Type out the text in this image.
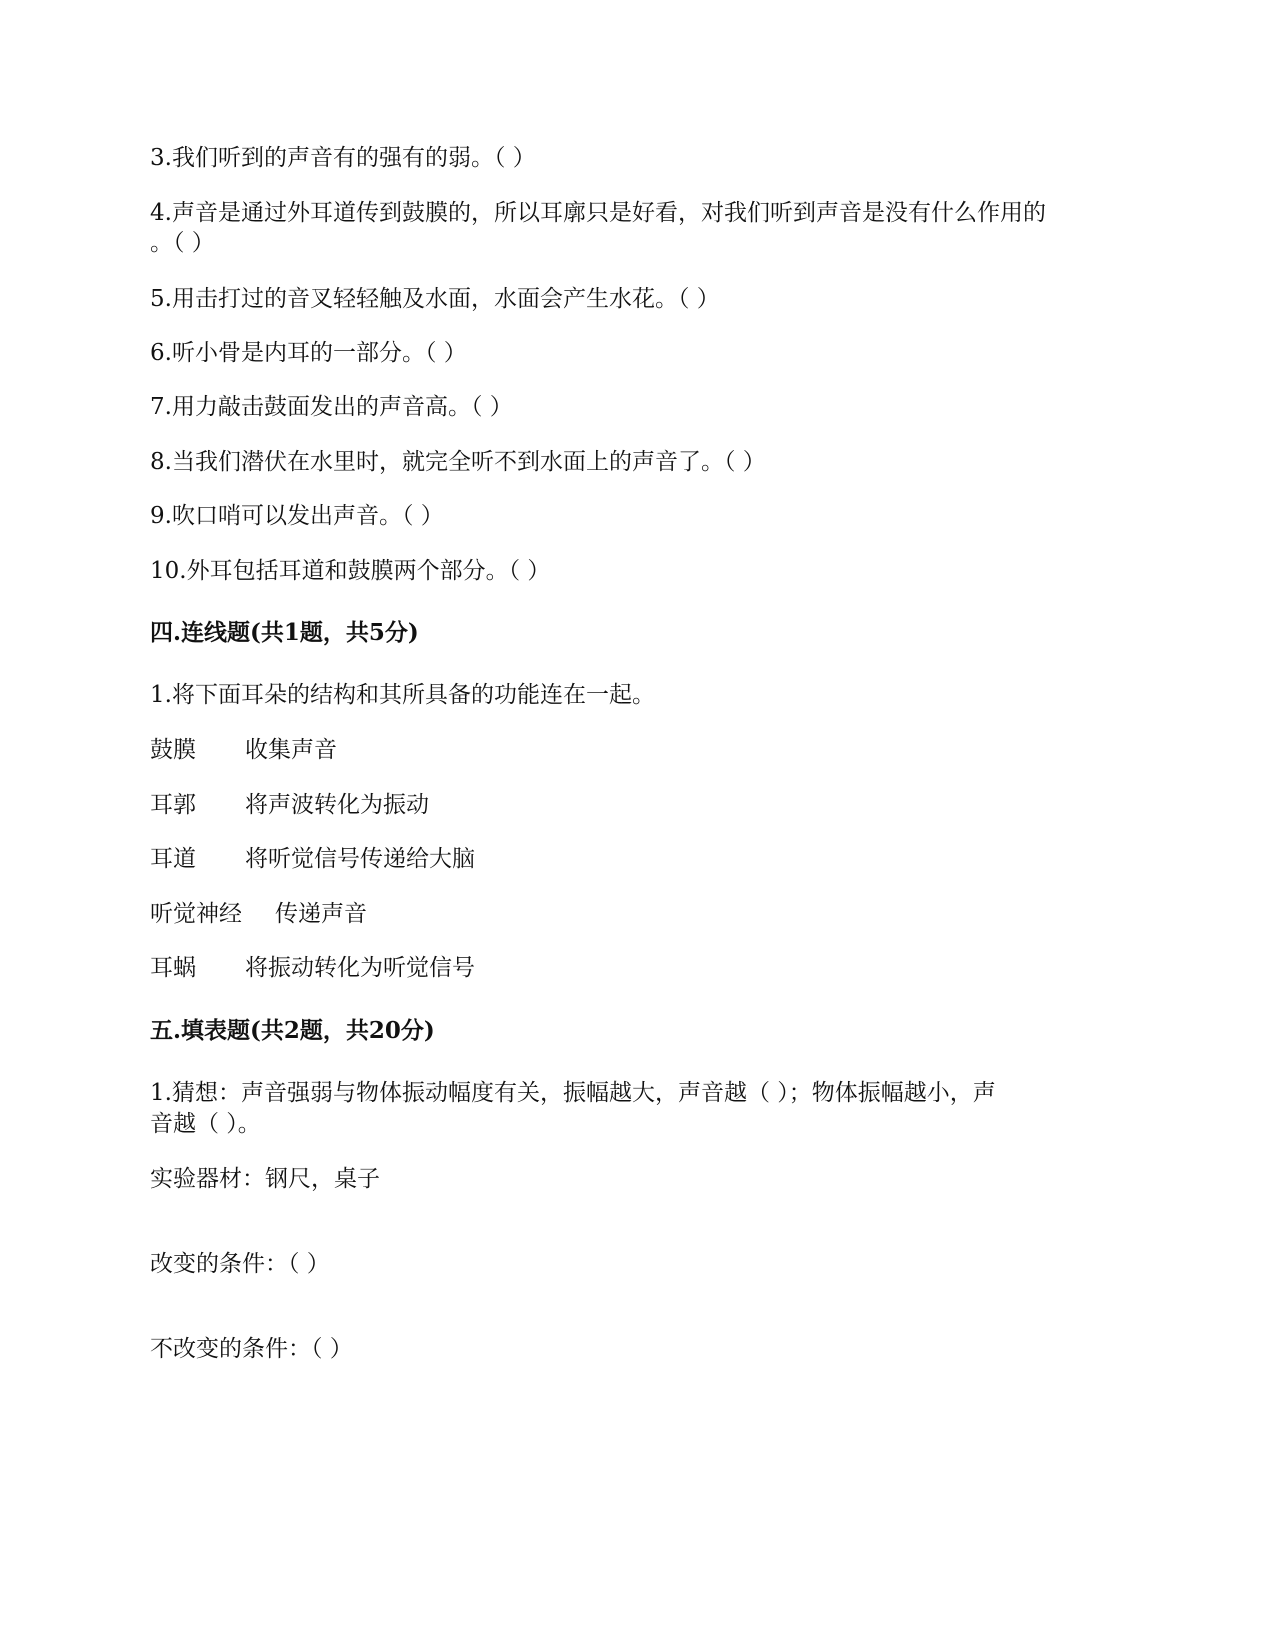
3.我们听到的声音有的强有的弱。（ ）
4.声音是通过外耳道传到鼓膜的，所以耳廓只是好看，对我们听到声音是没有什么作用的
。（ ）
5.用击打过的音叉轻轻触及水面，水面会产生水花。（ ）
6.听小骨是内耳的一部分。（ ）
7.用力敲击鼓面发出的声音高。（ ）
8.当我们潜伏在水里时，就完全听不到水面上的声音了。（ ）
9.吹口哨可以发出声音。（ ）
10.外耳包括耳道和鼓膜两个部分。（ ）
四.连线题(共1题，共5分)
1.将下面耳朵的结构和其所具备的功能连在一起。
鼓膜 收集声音
耳郭 将声波转化为振动
耳道 将听觉信号传递给大脑
听觉神经 传递声音
耳蜗 将振动转化为听觉信号
五.填表题(共2题，共20分)
1.猜想：声音强弱与物体振动幅度有关，振幅越大，声音越（ ）；物体振幅越小，声
音越（ ）。
实验器材：钢尺，桌子
改变的条件：（ ）
不改变的条件：（ ）
